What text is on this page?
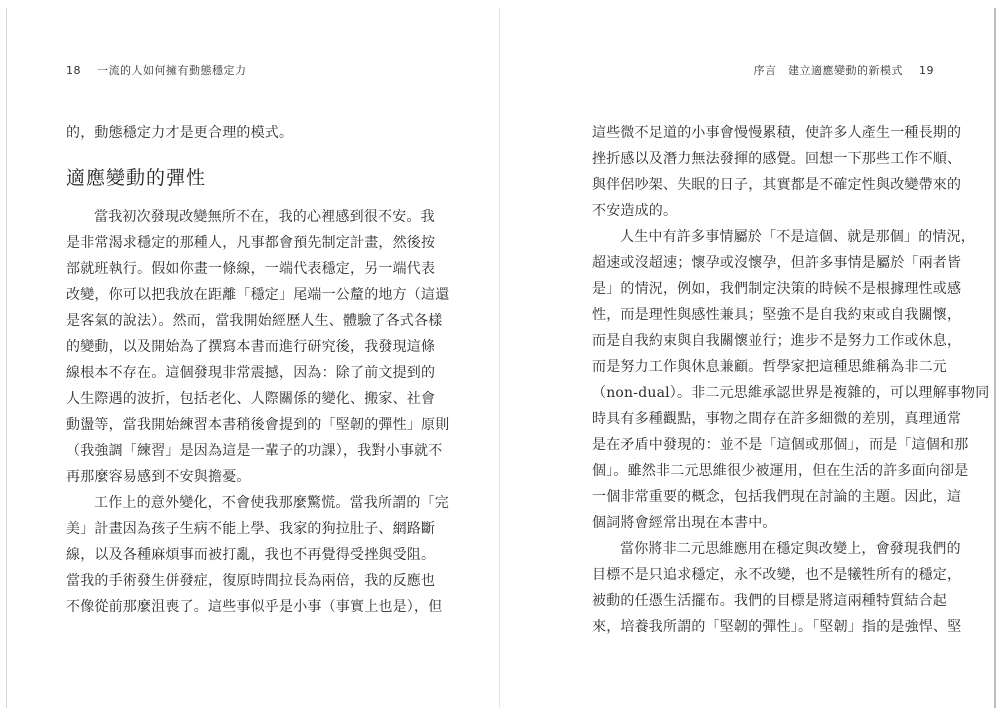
18 一流的人如何擁有動態穩定力	序言　建立適應變動的新模式 19
的，動態穩定力才是更合理的模式。
適應變動的彈性
當我初次發現改變無所不在，我的心裡感到很不安。我
是非常渴求穩定的那種人，凡事都會預先制定計畫，然後按
部就班執行。假如你畫一條線，一端代表穩定，另一端代表
改變，你可以把我放在距離「穩定」尾端一公釐的地方（這還
是客氣的說法）。然而，當我開始經歷人生、體驗了各式各樣
的變動，以及開始為了撰寫本書而進行研究後，我發現這條
線根本不存在。這個發現非常震撼，因為：除了前文提到的
人生際遇的波折，包括老化、人際關係的變化、搬家、社會
動盪等，當我開始練習本書稍後會提到的「堅韌的彈性」原則
（我強調「練習」是因為這是一輩子的功課），我對小事就不
再那麼容易感到不安與擔憂。
工作上的意外變化，不會使我那麼驚慌。當我所謂的「完
美」計畫因為孩子生病不能上學、我家的狗拉肚子、網路斷
線，以及各種麻煩事而被打亂，我也不再覺得受挫與受阻。
當我的手術發生併發症，復原時間拉長為兩倍，我的反應也
不像從前那麼沮喪了。這些事似乎是小事（事實上也是），但
這些微不足道的小事會慢慢累積，使許多人產生一種長期的
挫折感以及潛力無法發揮的感覺。回想一下那些工作不順、
與伴侶吵架、失眠的日子，其實都是不確定性與改變帶來的
不安造成的。
人生中有許多事情屬於「不是這個、就是那個」的情況，
超速或沒超速；懷孕或沒懷孕，但許多事情是屬於「兩者皆
是」的情況，例如，我們制定決策的時候不是根據理性或感
性，而是理性與感性兼具；堅強不是自我約束或自我關懷，
而是自我約束與自我關懷並行；進步不是努力工作或休息，
而是努力工作與休息兼顧。哲學家把這種思維稱為非二元
（non-dual）。非二元思維承認世界是複雜的，可以理解事物同
時具有多種觀點，事物之間存在許多細微的差別，真理通常
是在矛盾中發現的：並不是「這個或那個」，而是「這個和那
個」。雖然非二元思維很少被運用，但在生活的許多面向卻是
一個非常重要的概念，包括我們現在討論的主題。因此，這
個詞將會經常出現在本書中。
當你將非二元思維應用在穩定與改變上，會發現我們的
目標不是只追求穩定，永不改變，也不是犧牲所有的穩定，
被動的任憑生活擺布。我們的目標是將這兩種特質結合起
來，培養我所謂的「堅韌的彈性」。「堅韌」指的是強悍、堅
